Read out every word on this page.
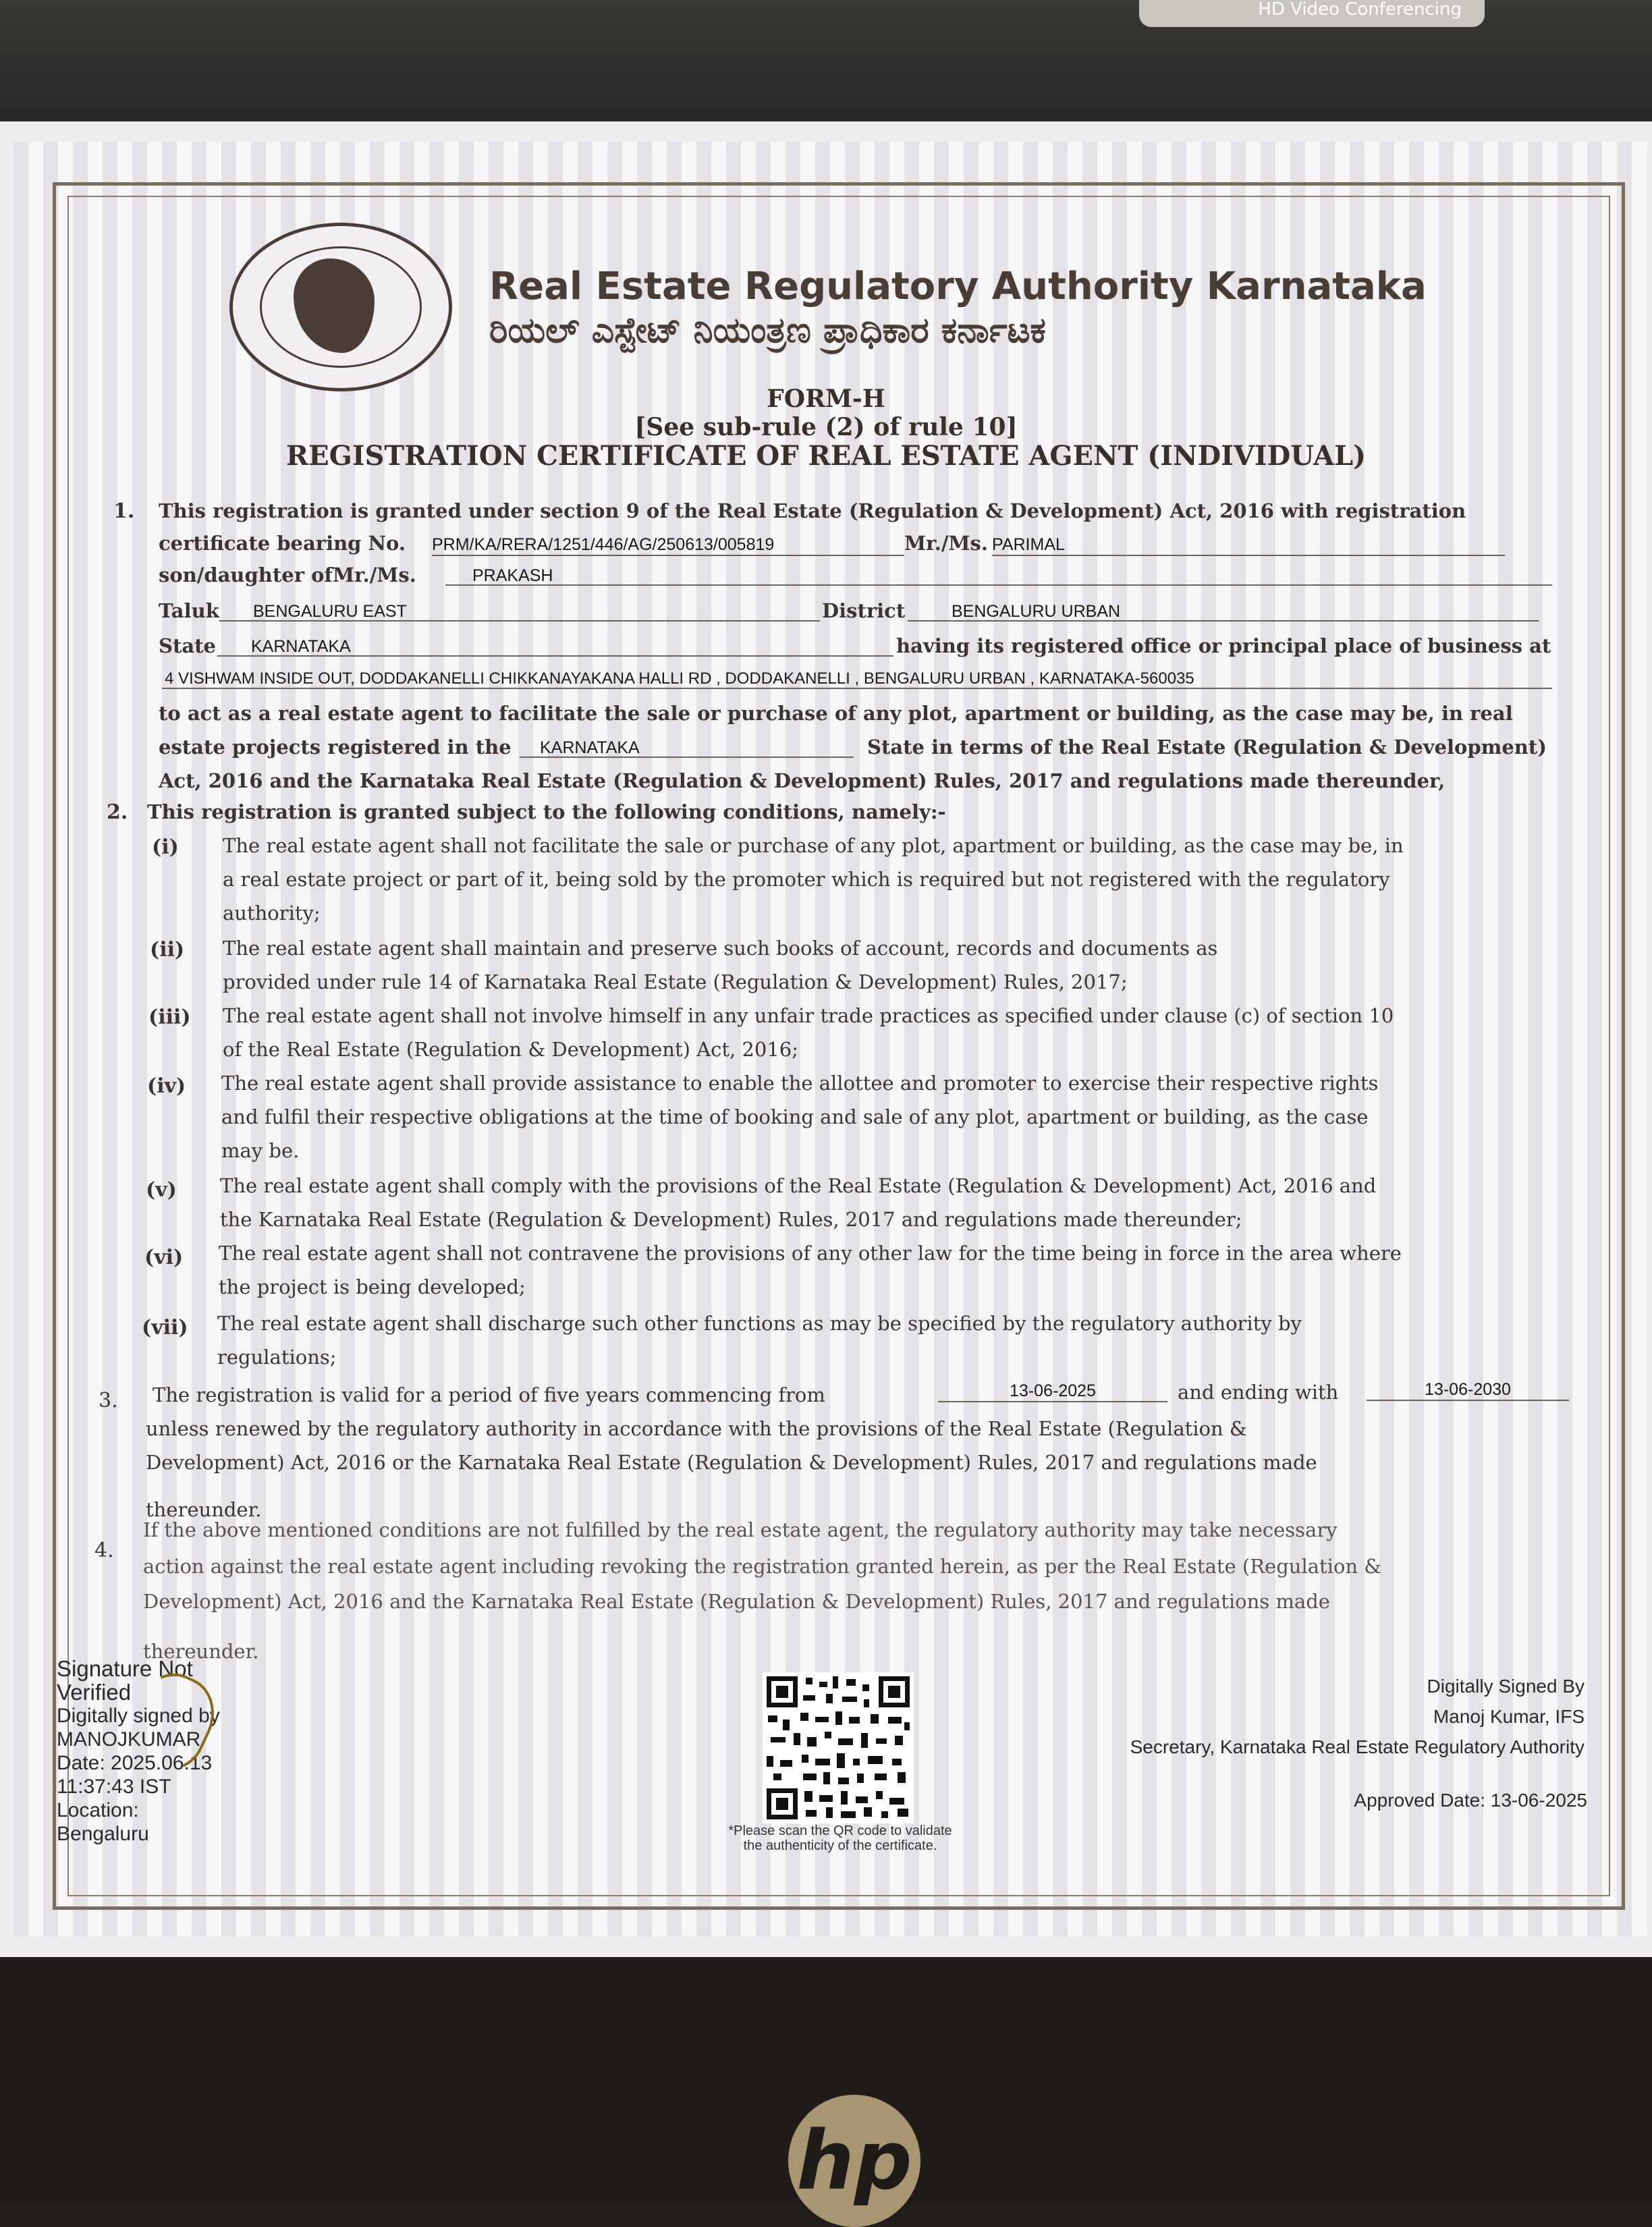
HD Video Conferencing
Real Estate Regulatory Authority Karnataka
ರಿಯಲ್ ಎಸ್ಟೇಟ್ ನಿಯಂತ್ರಣ ಪ್ರಾಧಿಕಾರ ಕರ್ನಾಟಕ
FORM-H
[See sub-rule (2) of rule 10]
REGISTRATION CERTIFICATE OF REAL ESTATE AGENT (INDIVIDUAL)
1. This registration is granted under section 9 of the Real Estate (Regulation & Development) Act, 2016 with registration
certificate bearing No. PRM/KA/RERA/1251/446/AG/250613/005819	Mr./Ms. PARIMAL
son/daughter ofMr./Ms.	PRAKASH
Taluk	BENGALURU EAST	District	BENGALURU URBAN
State	KARNATAKA	having its registered office or principal place of business at
4 VISHWAM INSIDE OUT, DODDAKANELLI CHIKKANAYAKANA HALLI RD , DODDAKANELLI , BENGALURU URBAN , KARNATAKA-560035
to act as a real estate agent to facilitate the sale or purchase of any plot, apartment or building, as the case may be, in real
estate projects registered in the	KARNATAKA	State in terms of the Real Estate (Regulation & Development)
Act, 2016 and the Karnataka Real Estate (Regulation & Development) Rules, 2017 and regulations made thereunder,
2. This registration is granted subject to the following conditions, namely:-
(i) The real estate agent shall not facilitate the sale or purchase of any plot, apartment or building, as the case may be, in
a real estate project or part of it, being sold by the promoter which is required but not registered with the regulatory
authority;
(ii) The real estate agent shall maintain and preserve such books of account, records and documents as
provided under rule 14 of Karnataka Real Estate (Regulation & Development) Rules, 2017;
(iii) The real estate agent shall not involve himself in any unfair trade practices as specified under clause (c) of section 10
of the Real Estate (Regulation & Development) Act, 2016;
(iv) The real estate agent shall provide assistance to enable the allottee and promoter to exercise their respective rights
and fulfil their respective obligations at the time of booking and sale of any plot, apartment or building, as the case
may be.
(v) The real estate agent shall comply with the provisions of the Real Estate (Regulation & Development) Act, 2016 and
the Karnataka Real Estate (Regulation & Development) Rules, 2017 and regulations made thereunder;
(vi) The real estate agent shall not contravene the provisions of any other law for the time being in force in the area where
the project is being developed;
(vii) The real estate agent shall discharge such other functions as may be specified by the regulatory authority by
regulations;
3. The registration is valid for a period of five years commencing from	13-06-2025	and ending with	13-06-2030
unless renewed by the regulatory authority in accordance with the provisions of the Real Estate (Regulation &
Development) Act, 2016 or the Karnataka Real Estate (Regulation & Development) Rules, 2017 and regulations made
thereunder.
4.
If the above mentioned conditions are not fulfilled by the real estate agent, the regulatory authority may take necessary
action against the real estate agent including revoking the registration granted herein, as per the Real Estate (Regulation &
Development) Act, 2016 and the Karnataka Real Estate (Regulation & Development) Rules, 2017 and regulations made
thereunder.
Signature Not
Verified
Digitally signed by
MANOJKUMAR
Date: 2025.06.13
11:37:43 IST
Location:
Bengaluru	*Please scan the QR code to validate
the authenticity of the certificate.
Digitally Signed By
Manoj Kumar, IFS
Secretary, Karnataka Real Estate Regulatory Authority
Approved Date: 13-06-2025
hp
